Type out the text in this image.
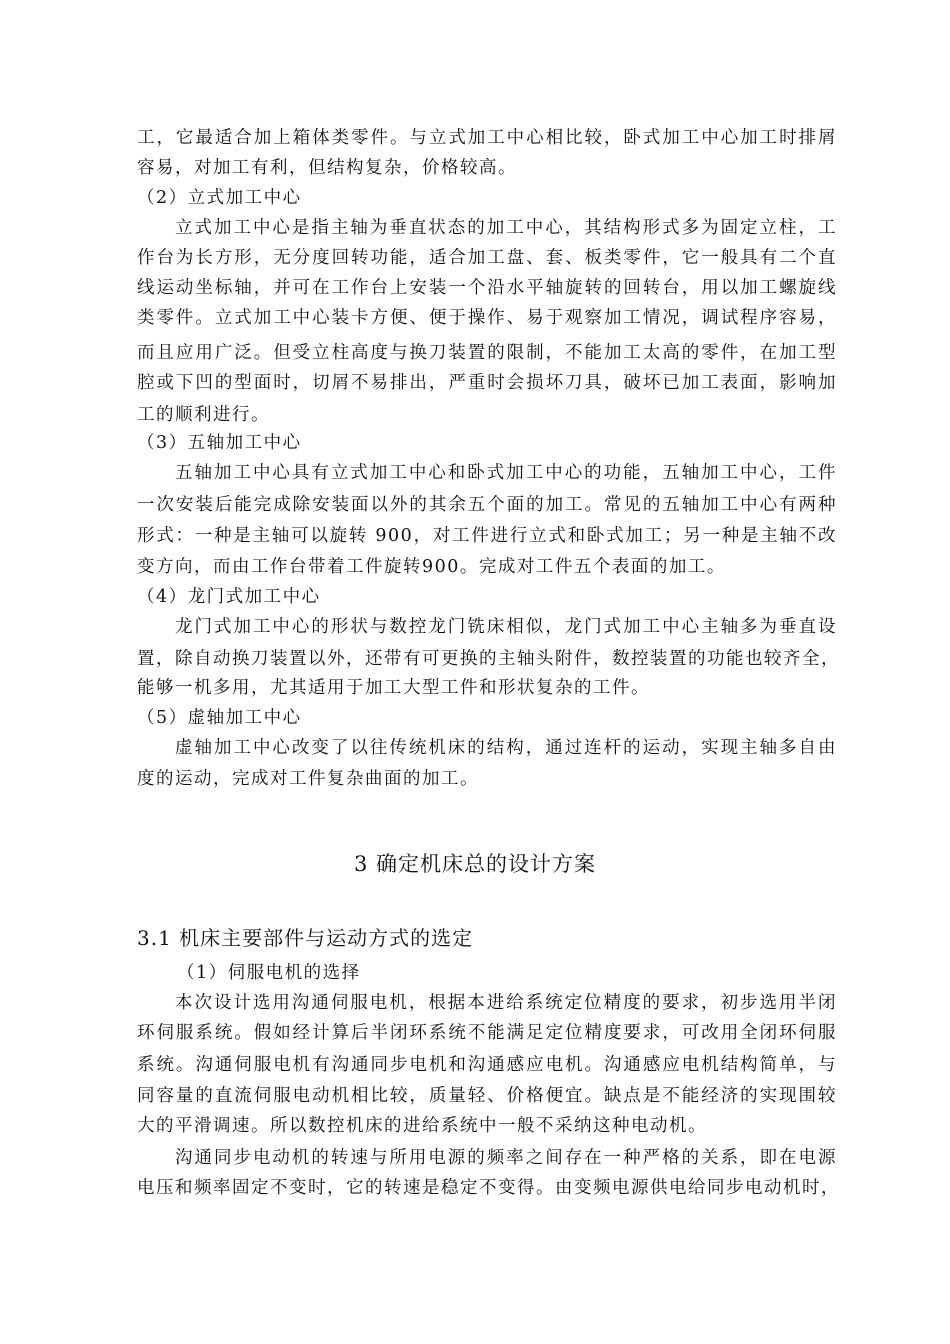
工，它最适合加上箱体类零件。与立式加工中心相比较，卧式加工中心加工时排屑
容易，对加工有利，但结构复杂，价格较高。
（2）立式加工中心
立式加工中心是指主轴为垂直状态的加工中心，其结构形式多为固定立柱，工
作台为长方形，无分度回转功能，适合加工盘、套、板类零件，它一般具有二个直
线运动坐标轴，并可在工作台上安装一个沿水平轴旋转的回转台，用以加工螺旋线
类零件。立式加工中心装卡方便、便于操作、易于观察加工情况，调试程序容易，
而且应用广泛。但受立柱高度与换刀装置的限制，不能加工太高的零件，在加工型
腔或下凹的型面时，切屑不易排出，严重时会损坏刀具，破坏已加工表面，影响加
工的顺利进行。
（3）五轴加工中心
五轴加工中心具有立式加工中心和卧式加工中心的功能，五轴加工中心，工件
一次安装后能完成除安装面以外的其余五个面的加工。常见的五轴加工中心有两种
形式：一种是主轴可以旋转 900，对工件进行立式和卧式加工；另一种是主轴不改
变方向，而由工作台带着工件旋转900。完成对工件五个表面的加工。
（4）龙门式加工中心
龙门式加工中心的形状与数控龙门铣床相似，龙门式加工中心主轴多为垂直设
置，除自动换刀装置以外，还带有可更换的主轴头附件，数控装置的功能也较齐全，
能够一机多用，尤其适用于加工大型工件和形状复杂的工件。
（5）虚轴加工中心
虚轴加工中心改变了以往传统机床的结构，通过连杆的运动，实现主轴多自由
度的运动，完成对工件复杂曲面的加工。
3 确定机床总的设计方案
3.1 机床主要部件与运动方式的选定
（1）伺服电机的选择
本次设计选用沟通伺服电机，根据本进给系统定位精度的要求，初步选用半闭
环伺服系统。假如经计算后半闭环系统不能满足定位精度要求，可改用全闭环伺服
系统。沟通伺服电机有沟通同步电机和沟通感应电机。沟通感应电机结构简单，与
同容量的直流伺服电动机相比较，质量轻、价格便宜。缺点是不能经济的实现围较
大的平滑调速。所以数控机床的进给系统中一般不采纳这种电动机。
沟通同步电动机的转速与所用电源的频率之间存在一种严格的关系，即在电源
电压和频率固定不变时，它的转速是稳定不变得。由变频电源供电给同步电动机时，
